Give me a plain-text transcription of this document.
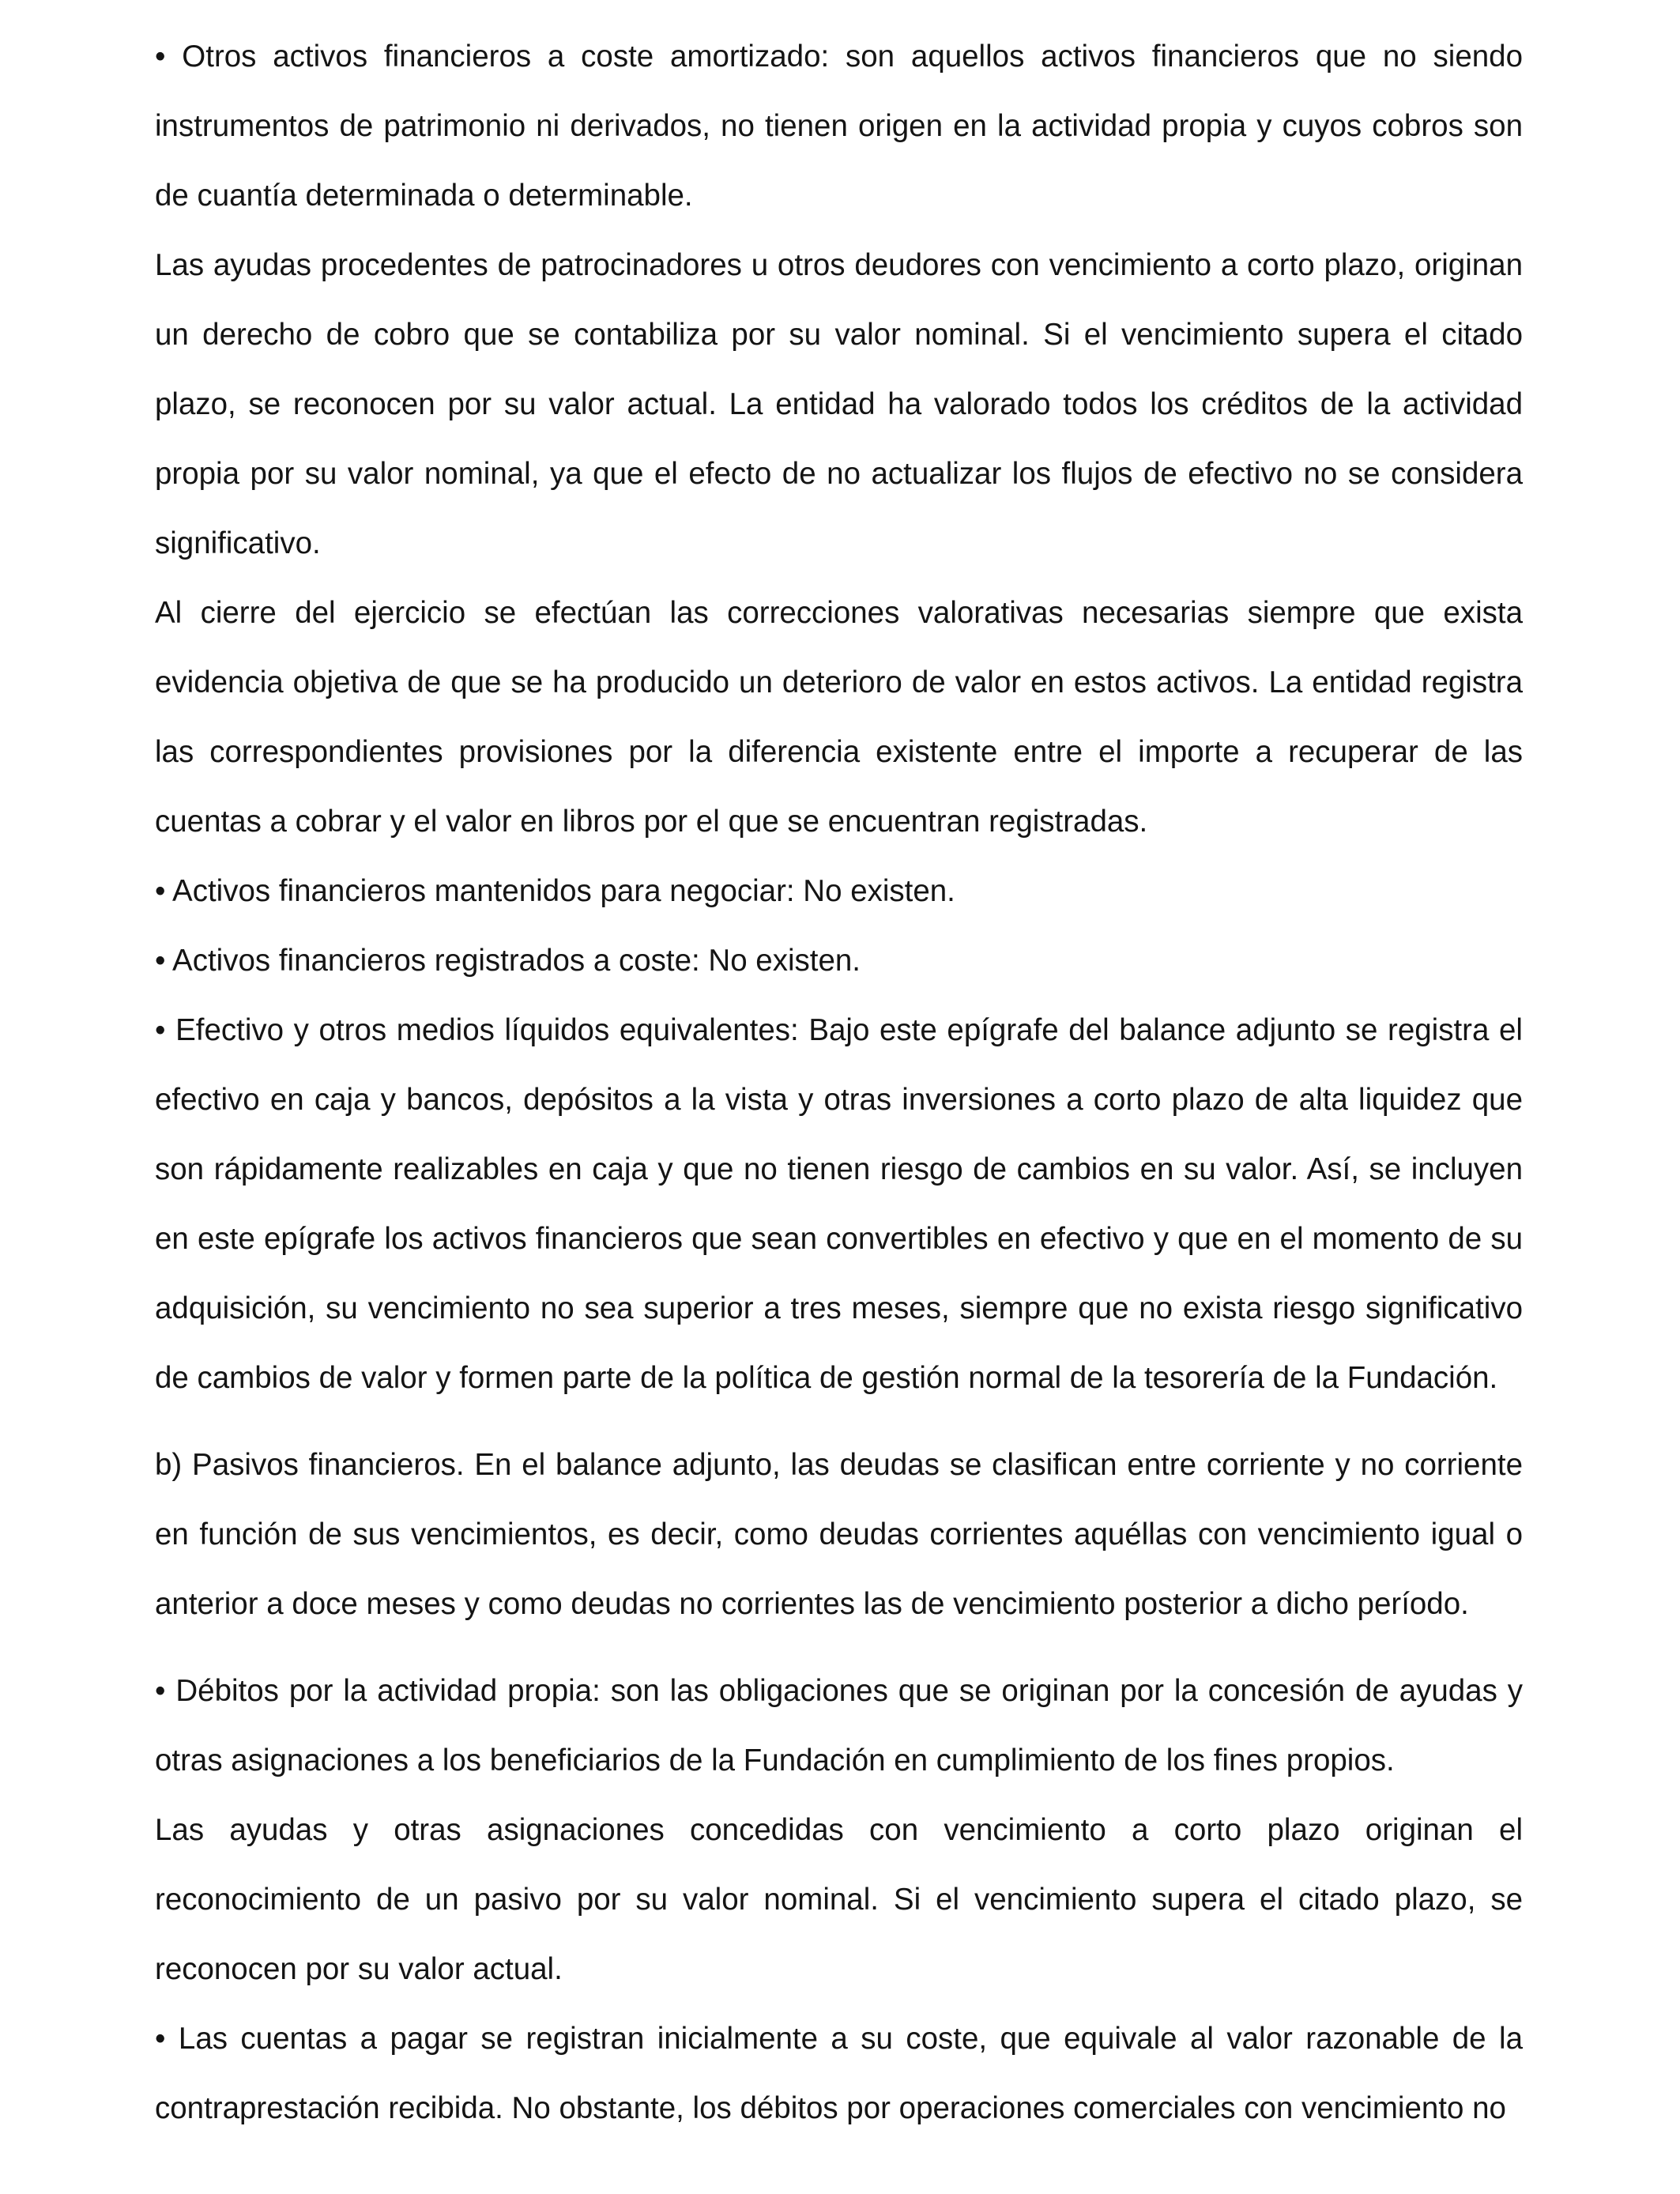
• Otros activos financieros a coste amortizado: son aquellos activos financieros que no siendo instrumentos de patrimonio ni derivados, no tienen origen en la actividad propia y cuyos cobros son de cuantía determinada o determinable.

Las ayudas procedentes de patrocinadores u otros deudores con vencimiento a corto plazo, originan un derecho de cobro que se contabiliza por su valor nominal. Si el vencimiento supera el citado plazo, se reconocen por su valor actual. La entidad ha valorado todos los créditos de la actividad propia por su valor nominal, ya que el efecto de no actualizar los flujos de efectivo no se considera significativo.

Al cierre del ejercicio se efectúan las correcciones valorativas necesarias siempre que exista evidencia objetiva de que se ha producido un deterioro de valor en estos activos. La entidad registra las correspondientes provisiones por la diferencia existente entre el importe a recuperar de las cuentas a cobrar y el valor en libros por el que se encuentran registradas.

• Activos financieros mantenidos para negociar: No existen.

• Activos financieros registrados a coste: No existen.

• Efectivo y otros medios líquidos equivalentes: Bajo este epígrafe del balance adjunto se registra el efectivo en caja y bancos, depósitos a la vista y otras inversiones a corto plazo de alta liquidez que son rápidamente realizables en caja y que no tienen riesgo de cambios en su valor. Así, se incluyen en este epígrafe los activos financieros que sean convertibles en efectivo y que en el momento de su adquisición, su vencimiento no sea superior a tres meses, siempre que no exista riesgo significativo de cambios de valor y formen parte de la política de gestión normal de la tesorería de la Fundación.

b) Pasivos financieros. En el balance adjunto, las deudas se clasifican entre corriente y no corriente en función de sus vencimientos, es decir, como deudas corrientes aquéllas con vencimiento igual o anterior a doce meses y como deudas no corrientes las de vencimiento posterior a dicho período.

• Débitos por la actividad propia: son las obligaciones que se originan por la concesión de ayudas y otras asignaciones a los beneficiarios de la Fundación en cumplimiento de los fines propios.

Las ayudas y otras asignaciones concedidas con vencimiento a corto plazo originan el reconocimiento de un pasivo por su valor nominal. Si el vencimiento supera el citado plazo, se reconocen por su valor actual.

• Las cuentas a pagar se registran inicialmente a su coste, que equivale al valor razonable de la contraprestación recibida. No obstante, los débitos por operaciones comerciales con vencimiento no
